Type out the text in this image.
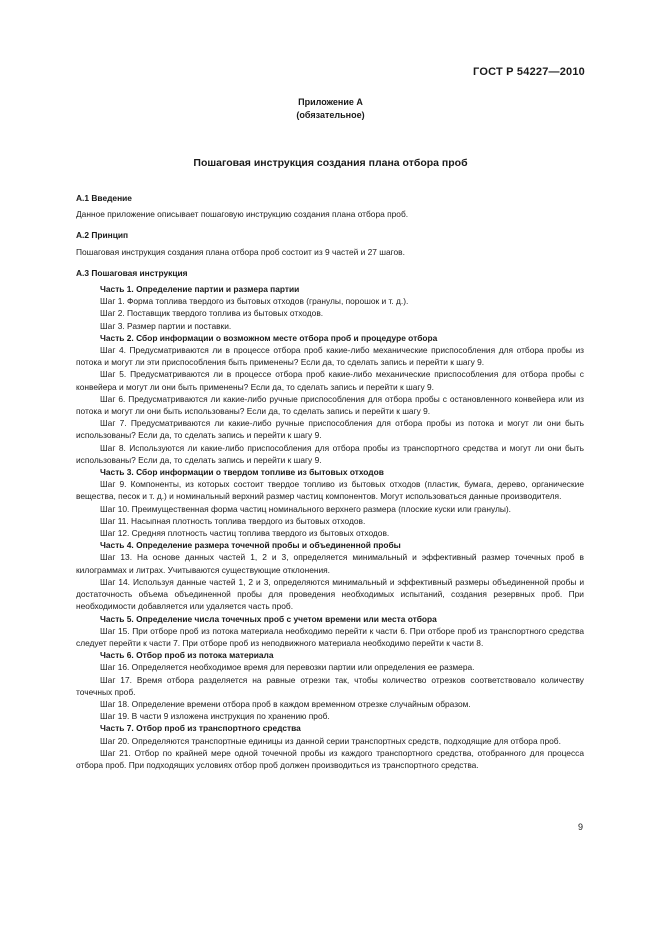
ГОСТ Р 54227—2010
Приложение А
(обязательное)
Пошаговая инструкция создания плана отбора проб

А.1 Введение

Данное приложение описывает пошаговую инструкцию создания плана отбора проб.

А.2 Принцип

Пошаговая инструкция создания плана отбора проб состоит из 9 частей и 27 шагов.

А.3 Пошаговая инструкция

Часть 1. Определение партии и размера партии

Шаг 1. Форма топлива твердого из бытовых отходов (гранулы, порошок и т. д.).

Шаг 2. Поставщик твердого топлива из бытовых отходов.

Шаг 3. Размер партии и поставки.

Часть 2. Сбор информации о возможном месте отбора проб и процедуре отбора

Шаг 4. Предусматриваются ли в процессе отбора проб какие-либо механические приспособления для отбора пробы из потока и могут ли эти приспособления быть применены? Если да, то сделать запись и перейти к шагу 9.

Шаг 5. Предусматриваются ли в процессе отбора проб какие-либо механические приспособления для отбора пробы с конвейера и могут ли они быть применены? Если да, то сделать запись и перейти к шагу 9.

Шаг 6. Предусматриваются ли какие-либо ручные приспособления для отбора пробы с остановленного конвейера или из потока и могут ли они быть использованы? Если да, то сделать запись и перейти к шагу 9.

Шаг 7. Предусматриваются ли какие-либо ручные приспособления для отбора пробы из потока и могут ли они быть использованы? Если да, то сделать запись и перейти к шагу 9.

Шаг 8. Используются ли какие-либо приспособления для отбора пробы из транспортного средства и могут ли они быть использованы? Если да, то сделать запись и перейти к шагу 9.

Часть 3. Сбор информации о твердом топливе из бытовых отходов

Шаг 9. Компоненты, из которых состоит твердое топливо из бытовых отходов (пластик, бумага, дерево, органические вещества, песок и т. д.) и номинальный верхний размер частиц компонентов. Могут использоваться данные производителя.

Шаг 10. Преимущественная форма частиц номинального верхнего размера (плоские куски или гранулы).

Шаг 11. Насыпная плотность топлива твердого из бытовых отходов.

Шаг 12. Средняя плотность частиц топлива твердого из бытовых отходов.

Часть 4. Определение размера точечной пробы и объединенной пробы

Шаг 13. На основе данных частей 1, 2 и 3, определяется минимальный и эффективный размер точечных проб в килограммах и литрах. Учитываются существующие отклонения.

Шаг 14. Используя данные частей 1, 2 и 3, определяются минимальный и эффективный размеры объединенной пробы и достаточность объема объединенной пробы для проведения необходимых испытаний, создания резервных проб. При необходимости добавляется или удаляется часть проб.

Часть 5. Определение числа точечных проб с учетом времени или места отбора

Шаг 15. При отборе проб из потока материала необходимо перейти к части 6. При отборе проб из транспортного средства следует перейти к части 7. При отборе проб из неподвижного материала необходимо перейти к части 8.

Часть 6. Отбор проб из потока материала

Шаг 16. Определяется необходимое время для перевозки партии или определения ее размера.

Шаг 17. Время отбора разделяется на равные отрезки так, чтобы количество отрезков соответствовало количеству точечных проб.

Шаг 18. Определение времени отбора проб в каждом временном отрезке случайным образом.

Шаг 19. В части 9 изложена инструкция по хранению проб.

Часть 7. Отбор проб из транспортного средства

Шаг 20. Определяются транспортные единицы из данной серии транспортных средств, подходящие для отбора проб.

Шаг 21. Отбор по крайней мере одной точечной пробы из каждого транспортного средства, отобранного для процесса отбора проб. При подходящих условиях отбор проб должен производиться из транспортного средства.

9
